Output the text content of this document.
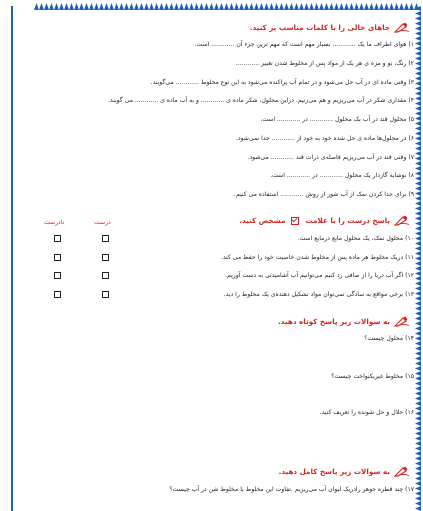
جاهای خالی را با کلمات مناسب پر کنید.
۱) هوای اطراف ما یک ............ بسیار مهم است که مهم ترین جزء آن ............ است.
۲) رنگ، بو و مزه ی هر یک از مواد پس از مخلوط شدن تغییر ............
۳) وقتی ماده ای در آب حل می‌شود و در تمام آب پراکنده می‌شود به این نوع مخلوط ............ می‌گویند.
۴) مقداری شکر در آب می‌ریزیم و هم می‌زنیم. دراین محلول، شکر ماده ی ............ و به آب ماده ی ............ می گویند.
۵) محلول قند در آب یک محلول ............ در ............ است.
۶) در محلول‌ها ماده ی حل شده خود به خود از ............ جدا نمی‌شود.
۷) وقتی قند در آب می‌ریزیم فاصله‌ی ذرات قند ............ می‌شود.
۸) نوشابه گازدار یک محلول ............ در ............ است.
۹) برای جدا کردن نمک از آب شور از روش ............ استفاده می کنیم.
پاسخ درست را با علامت
مشخص کنید.
درست
نادرست
۱۰) محلول نمک، یک محلول مایع درمایع است.
۱۱) دریک مخلوط هر ماده پس از مخلوط شدن خاصیت خود را حفظ می کند.
۱۲) اگر آب دریا را از صافی رد کنیم می‌توانیم آب آشامیدنی به دست آوریم.
۱۳) برخی مواقع به سادگی نمی‌توان مواد تشکیل دهنده‌ی یک مخلوط را دید.
به سوالات زیر پاسخ کوتاه دهید.
۱۴) محلول چیست؟
۱۵) مخلوط غیریکنواخت چیست؟
۱۶) حلال و حل شونده را تعریف کنید.
به سوالات زیر پاسخ کامل دهید.
۱۷) چند قطره جوهر رادریک لیوان آب می‌ریزیم .تفاوت این مخلوط با مخلوط شن در آب چیست؟
